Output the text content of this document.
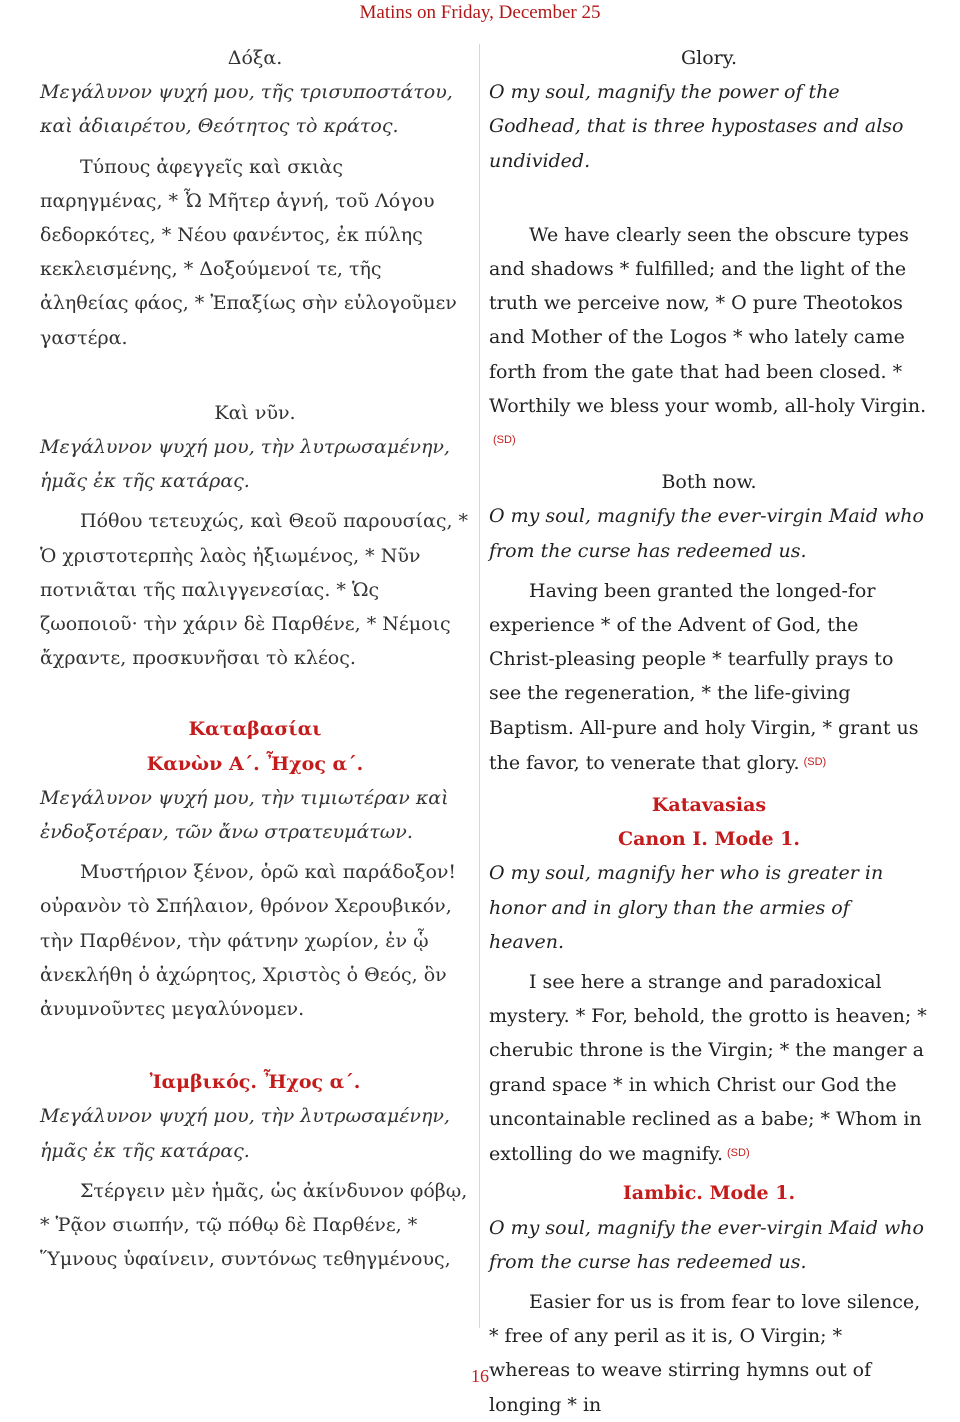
Matins on Friday, December 25

Δόξα.

Μεγάλυνον ψυχή μου, τῆς τρισυποστάτου, καὶ ἀδιαιρέτου, Θεότητος τὸ κράτος.

Τύπους ἀφεγγεῖς καὶ σκιὰς παρηγμένας, * Ὦ Μῆτερ ἁγνή, τοῦ Λόγου δεδορκότες, * Νέου φανέντος, ἐκ πύλης κεκλεισμένης, * Δοξούμενοί τε, τῆς ἀληθείας φάος, * Ἐπαξίως σὴν εὐλογοῦμεν γαστέρα.

Καὶ νῦν.

Μεγάλυνον ψυχή μου, τὴν λυτρωσαμένην, ἡμᾶς ἐκ τῆς κατάρας.

Πόθου τετευχώς, καὶ Θεοῦ παρουσίας, * Ὁ χριστοτερπὴς λαὸς ἠξιωμένος, * Νῦν ποτνιᾶται τῆς παλιγγενεσίας. * Ὡς ζωοποιοῦ· τὴν χάριν δὲ Παρθένε, * Νέμοις ἄχραντε, προσκυνῆσαι τὸ κλέος.

Καταβασίαι

Κανὼν Α΄. Ἦχος α΄.

Μεγάλυνον ψυχή μου, τὴν τιμιωτέραν καὶ ἐνδοξοτέραν, τῶν ἄνω στρατευμάτων.

Μυστήριον ξένον, ὁρῶ καὶ παράδοξον! οὐρανὸν τὸ Σπήλαιον, θρόνον Χερουβικόν, τὴν Παρθένον, τὴν φάτνην χωρίον, ἐν ᾧ ἀνεκλήθη ὁ ἀχώρητος, Χριστὸς ὁ Θεός, ὃν ἀνυμνοῦντες μεγαλύνομεν.

Ἰαμβικός. Ἦχος α΄.

Μεγάλυνον ψυχή μου, τὴν λυτρωσαμένην, ἡμᾶς ἐκ τῆς κατάρας.

Στέργειν μὲν ἡμᾶς, ὡς ἀκίνδυνον φόβῳ, * Ῥᾷον σιωπήν, τῷ πόθῳ δὲ Παρθένε, * Ὕμνους ὑφαίνειν, συντόνως τεθηγμένους,

Glory.

O my soul, magnify the power of the Godhead, that is three hypostases and also undivided.

We have clearly seen the obscure types and shadows * fulfilled; and the light of the truth we perceive now, * O pure Theotokos and Mother of the Logos * who lately came forth from the gate that had been closed. * Worthily we bless your womb, all-holy Virgin.$^{(SD)}$

Both now.

O my soul, magnify the ever-virgin Maid who from the curse has redeemed us.

Having been granted the longed-for experience * of the Advent of God, the Christ-pleasing people * tearfully prays to see the regeneration, * the life-giving Baptism. All-pure and holy Virgin, * grant us the favor, to venerate that glory. $^{(SD)}$

Katavasias

Canon I. Mode 1.

O my soul, magnify her who is greater in honor and in glory than the armies of heaven.

I see here a strange and paradoxical mystery. * For, behold, the grotto is heaven; * cherubic throne is the Virgin; * the manger a grand space * in which Christ our God the uncontainable reclined as a babe; * Whom in extolling do we magnify. $^{(SD)}$

Iambic. Mode 1.

O my soul, magnify the ever-virgin Maid who from the curse has redeemed us.

Easier for us is from fear to love silence, * free of any peril as it is, O Virgin; * whereas to weave stirring hymns out of longing * in

16
